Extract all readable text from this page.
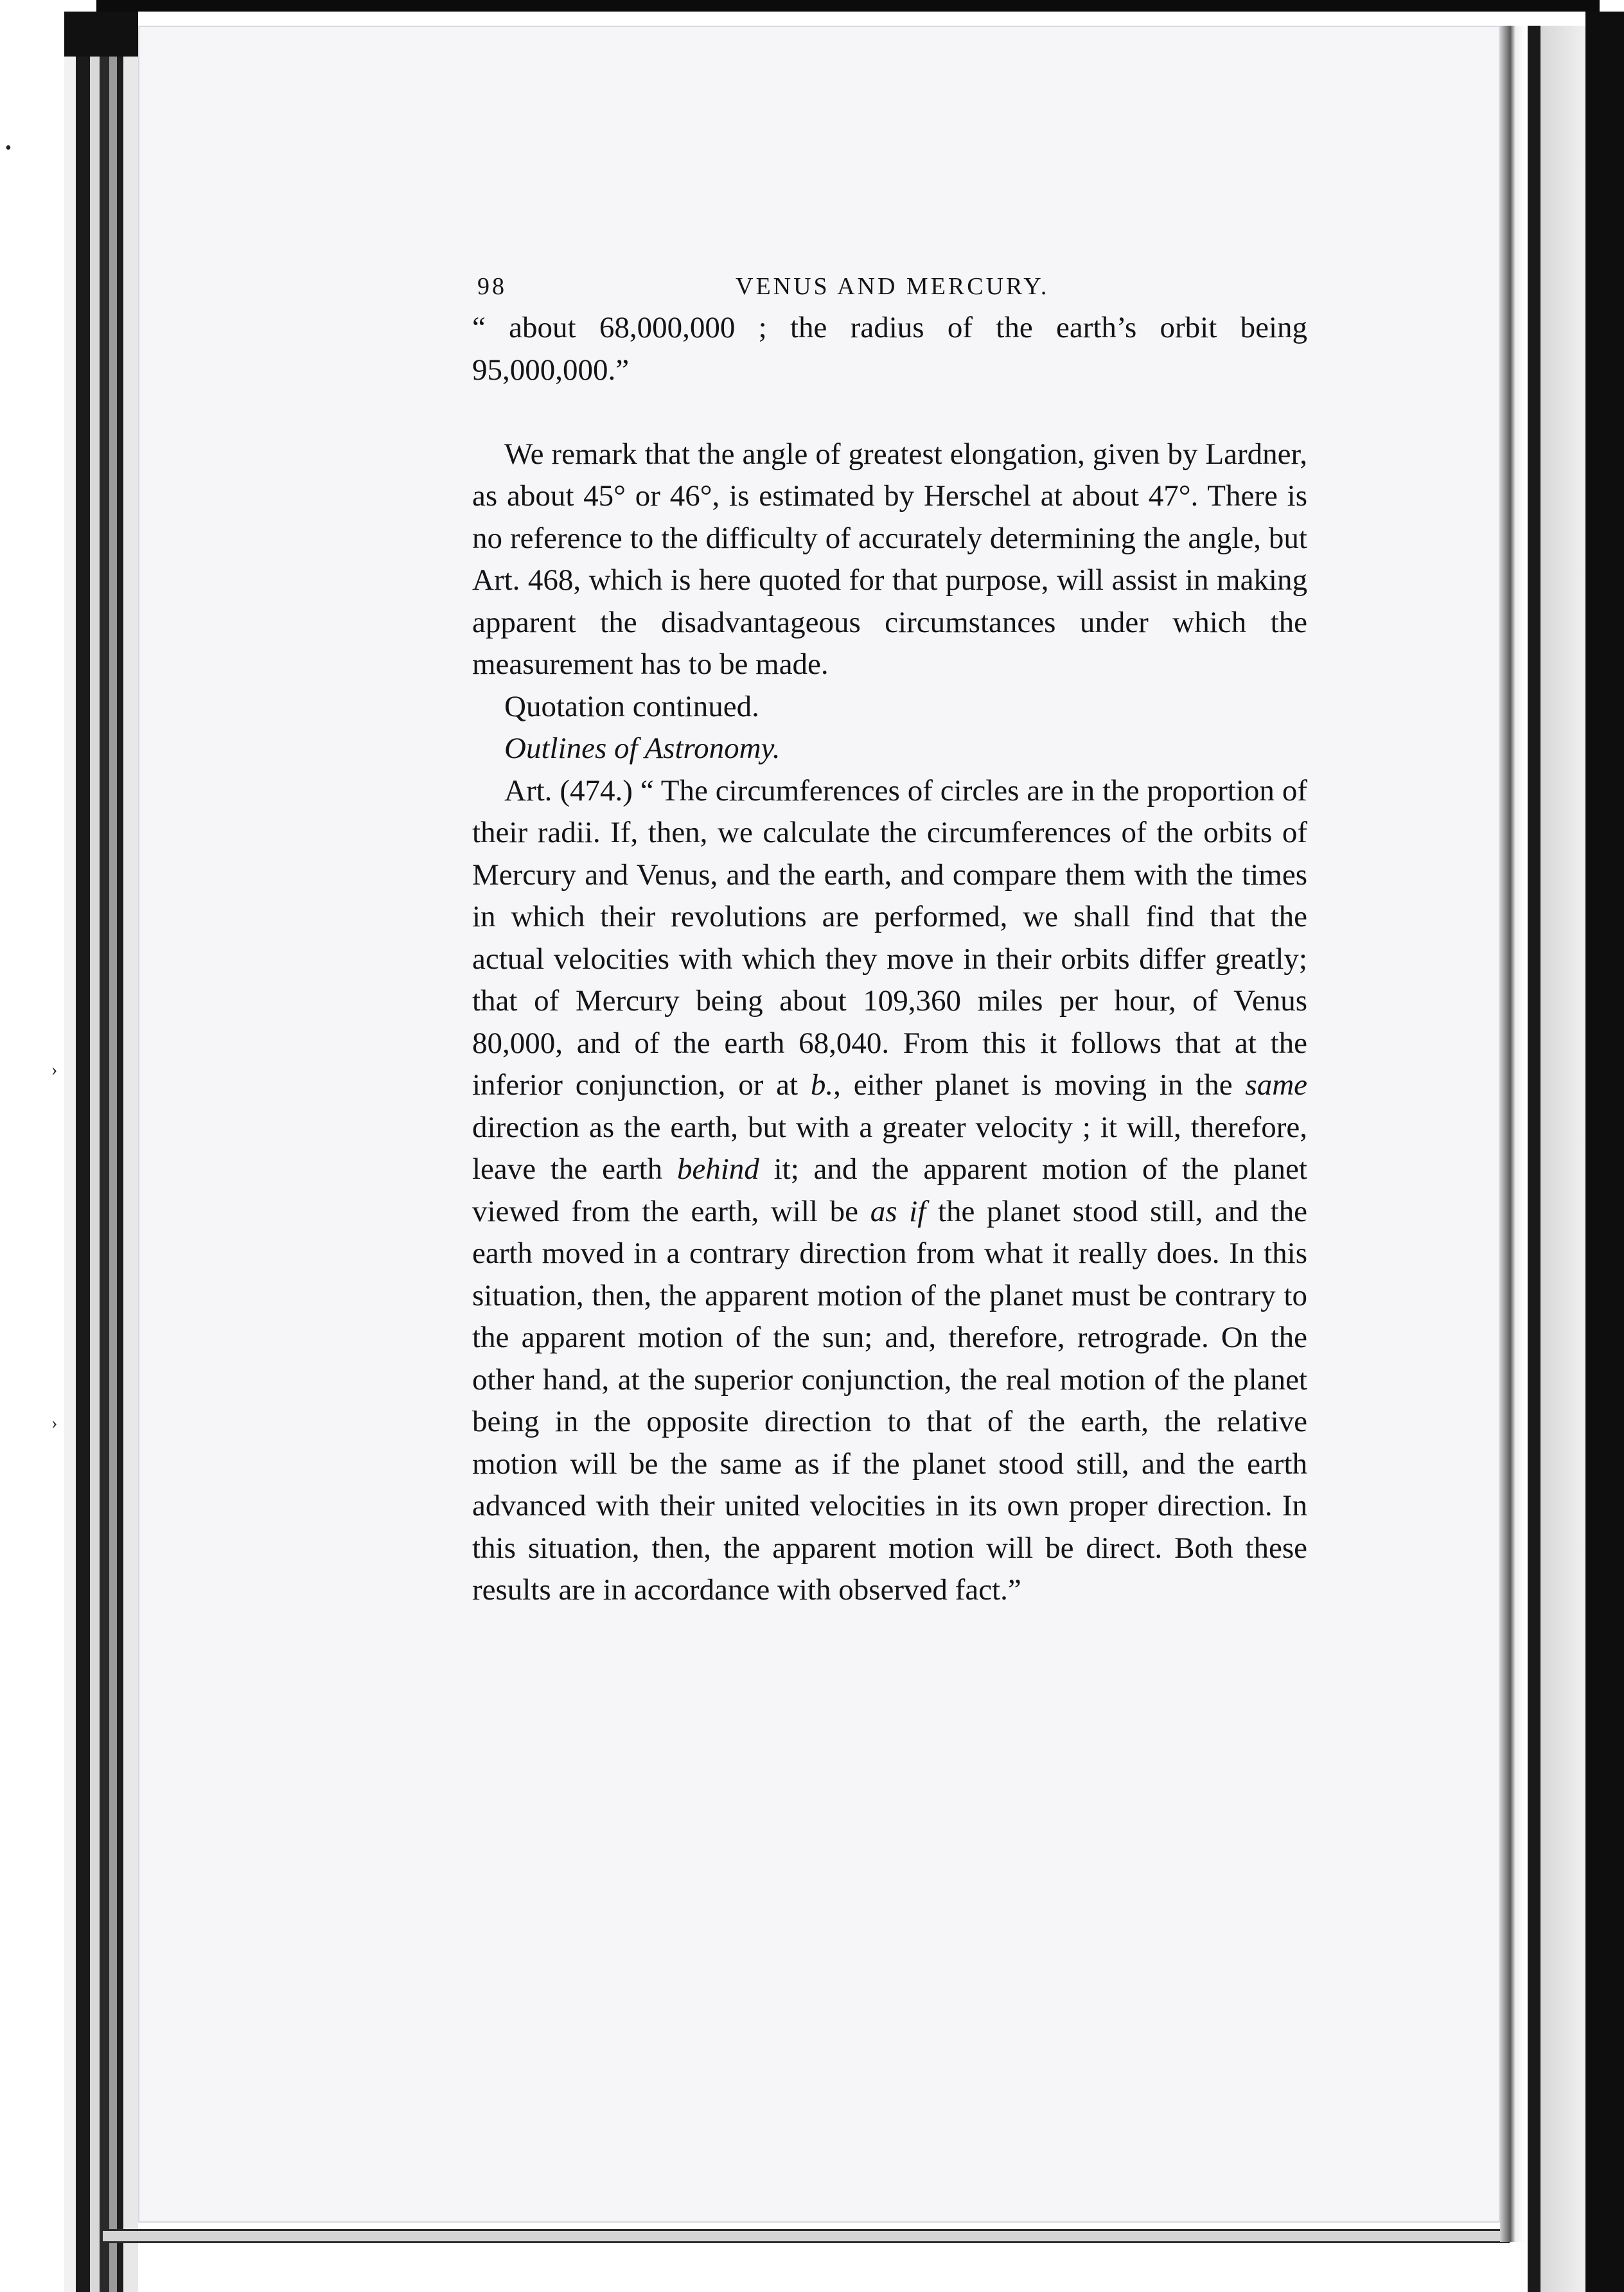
•
›
›
98	VENUS AND MERCURY.

“ about 68,000,000 ; the radius of the earth’s orbit being 95,000,000.”

We remark that the angle of greatest elongation, given by Lardner, as about 45° or 46°, is estimated by Herschel at about 47°. There is no reference to the difficulty of accurately determining the angle, but Art. 468, which is here quoted for that purpose, will assist in making apparent the disadvantageous circumstances under which the measurement has to be made.

Quotation continued.

Outlines of Astronomy.

Art. (474.) “ The circumferences of circles are in the proportion of their radii. If, then, we calculate the circumferences of the orbits of Mercury and Venus, and the earth, and compare them with the times in which their revolutions are performed, we shall find that the actual velocities with which they move in their orbits differ greatly; that of Mercury being about 109,360 miles per hour, of Venus 80,000, and of the earth 68,040. From this it follows that at the inferior conjunction, or at b., either planet is moving in the same direction as the earth, but with a greater velocity ; it will, therefore, leave the earth behind it; and the apparent motion of the planet viewed from the earth, will be as if the planet stood still, and the earth moved in a contrary direction from what it really does. In this situation, then, the apparent motion of the planet must be contrary to the apparent motion of the sun; and, therefore, retrograde. On the other hand, at the superior conjunction, the real motion of the planet being in the opposite direction to that of the earth, the relative motion will be the same as if the planet stood still, and the earth advanced with their united velocities in its own proper direction. In this situation, then, the apparent motion will be direct. Both these results are in accordance with observed fact.”
